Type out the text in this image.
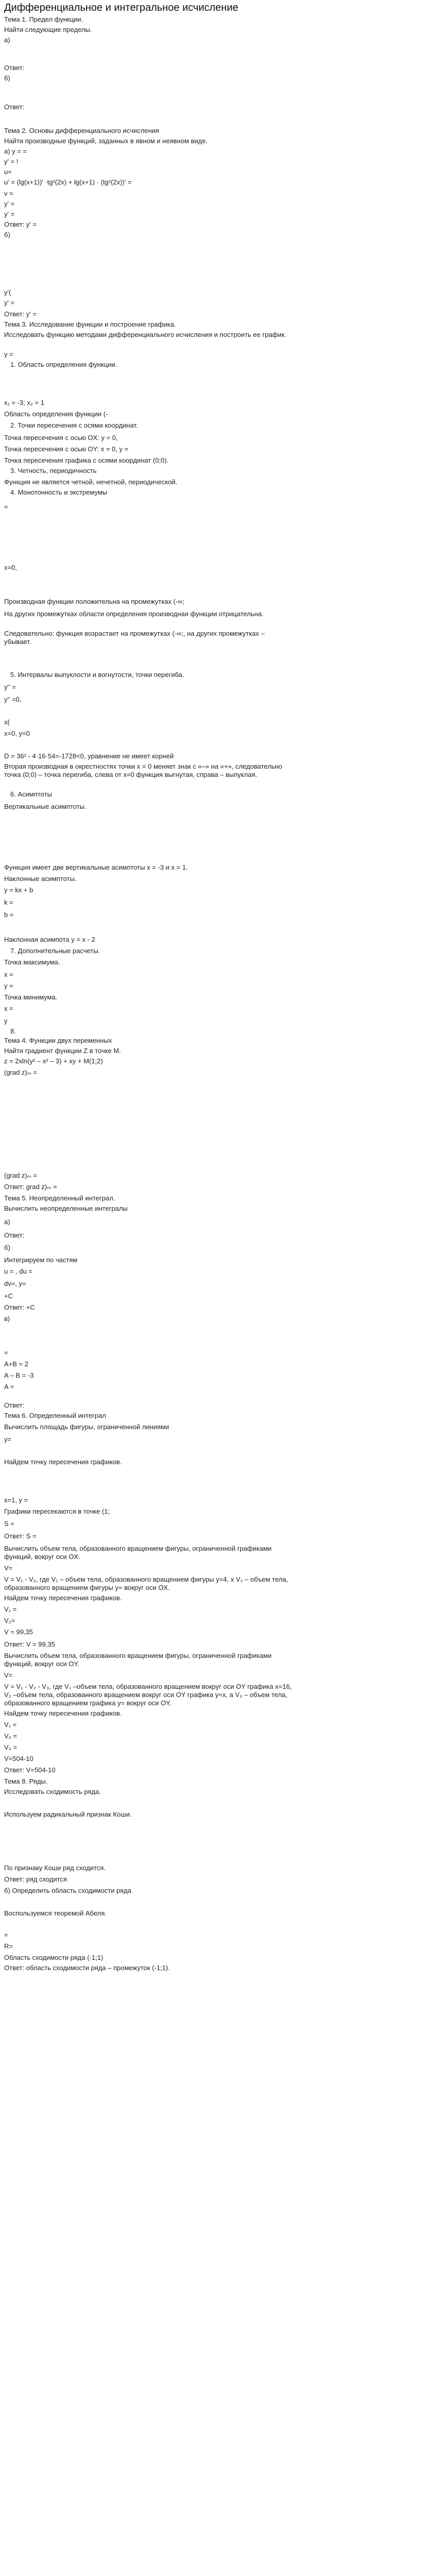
Дифференциальное и интегральное исчисление
Тема 1. Предел функции.
Найти следующие пределы.
а)
Ответ:
б)
Ответ:
Тема 2. Основы дифференциального исчисления
Найти производные функций, заданных в явном и неявном виде.
а) y = =
y' = !
u=
u' = (lg(x+1))' ·tg²(2x) + lg(x+1) · (tg²(2x))' =
v =
y' =
y' =
Ответ: y' =
б)
y'(
y' =
Ответ: y' =
Тема 3. Исследование функции и построение графика.
Исследовать функцию методами дифференциального исчисления и построить ее график.
y =
1. Область определения функции.
x₁ = -3; x₂ = 1
Область определения функции (-
2. Точки пересечения с осями координат.
Точка пересечения с осью OX: y = 0,
Точка пересечения с осью OY: x = 0, y =
Точка пересечения графика с осями координат (0;0).
3. Четность, периодичность
Функция не является четной, нечетной, периодической.
4. Монотонность и экстремумы
=
x=0,
Производная функции положительна на промежутках (-∞;
На других промежутках области определения производная функции отрицательна.
Следовательно: функция возрастает на промежутках (-∞;, на других промежутках – убывает.
5. Интервалы выпуклости и вогнутости, точки перегиба.
y'' =
y'' =0,
x(
x=0, y=0
D = 36² - 4·16·54=-1728<0, уравнение не имеет корней
Вторая производная в окрестностях точки x = 0 меняет знак с «–» на «+», следовательно точка (0;0) – точка перегиба, слева от x=0 функция выгнутая, справа – выпуклая.
6. Асимптоты
Вертикальные асимптоты.
Функция имеет две вертикальные асимптоты x = -3 и x = 1.
Наклонные асимптоты.
y = kx + b
k =
b =
Наклонная асимпота y = x - 2
7. Дополнительные расчеты.
Точка максимума.
x =
y =
Точка минимума.
x =
y
8.
Тема 4. Функции двух переменных
Найти градиент функции Z в точке M.
z = 2xln(y² – x² – 3) + xy + M(1;2)
(grad z)ₘ =
(grad z)ₘ =
Ответ: grad z)ₘ =
Тема 5. Неопределенный интеграл.
Вычислить неопределенные интегралы
а)
Ответ:
б)
Интегрируем по частям
u = , du =
dv=, y=
+C
Ответ: +C
в)
=
A+B = 2
A – B = -3
A =
Ответ:
Тема 6. Определенный интеграл
Вычислить площадь фигуры, ограниченной линиями
y=
Найдем точку пересечения графиков.
x=1, y =
Графики пересекаются в точке (1;
S =
Ответ: S =
Вычислить объем тела, образованного вращением фигуры, ограниченной графиками функций, вокруг оси OX.
V=
V = V₁ - V₂, где V₁ – объем тела, образованного вращением фигуры y=4, x V₂ – объем тела, образованного вращением фигуры y= вокруг оси OX.
Найдем точку пересечения графиков.
V₁ =
V₂=
V = 99,35
Ответ: V = 99,35
Вычислить объем тела, образованного вращением фигуры, ограниченной графиками функций, вокруг оси OY.
V=
V = V₁ - V₂ - V₃, где V₁ –объем тела, образованного вращением вокруг оси OY графика x=16, V₂ –объем тела, образованного вращением вокруг оси OY графика y=x, а V₃ – объем тела, образованного вращением графика y= вокруг оси OY.
Найдем точку пересечения графиков.
V₁ =
V₂ =
V₃ =
V=504-10
Ответ: V=504-10
Тема 8. Ряды.
Исследовать сходимость ряда.
Используем радикальный признак Коши.
По признаку Коши ряд сходится.
Ответ: ряд сходится
б) Определить область сходимости ряда
Воспользуемся теоремой Абеля.
=
R=
Область сходимости ряда (-1;1)
Ответ: область сходимости ряда – промежуток (-1;1).
